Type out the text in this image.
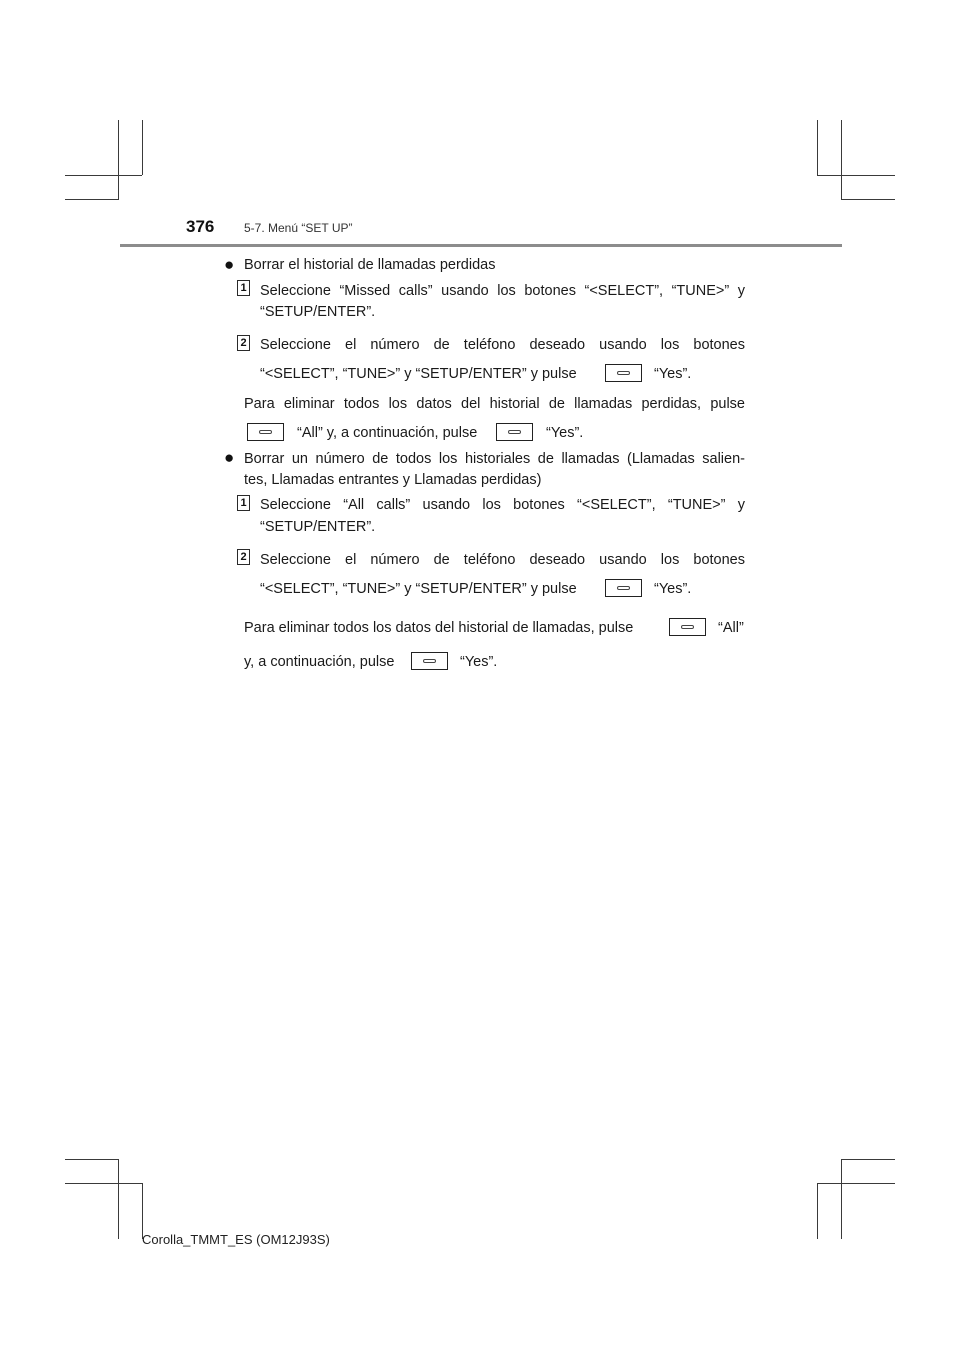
376 5-7. Menú “SET UP”
● Borrar el historial de llamadas perdidas
1 Seleccione “Missed calls” usando los botones “<SELECT”, “TUNE>” y
“SETUP/ENTER”.
2 Seleccione el número de teléfono deseado usando los botones
“<SELECT”, “TUNE>” y “SETUP/ENTER” y pulse	“Yes”.
Para eliminar todos los datos del historial de llamadas perdidas, pulse
“All” y, a continuación, pulse	“Yes”.
● Borrar un número de todos los historiales de llamadas (Llamadas salien-
tes, Llamadas entrantes y Llamadas perdidas)
1 Seleccione “All calls” usando los botones “<SELECT”, “TUNE>” y
“SETUP/ENTER”.
2 Seleccione el número de teléfono deseado usando los botones
“<SELECT”, “TUNE>” y “SETUP/ENTER” y pulse	“Yes”.
Para eliminar todos los datos del historial de llamadas, pulse	“All”
y, a continuación, pulse	“Yes”.
Corolla_TMMT_ES (OM12J93S)
